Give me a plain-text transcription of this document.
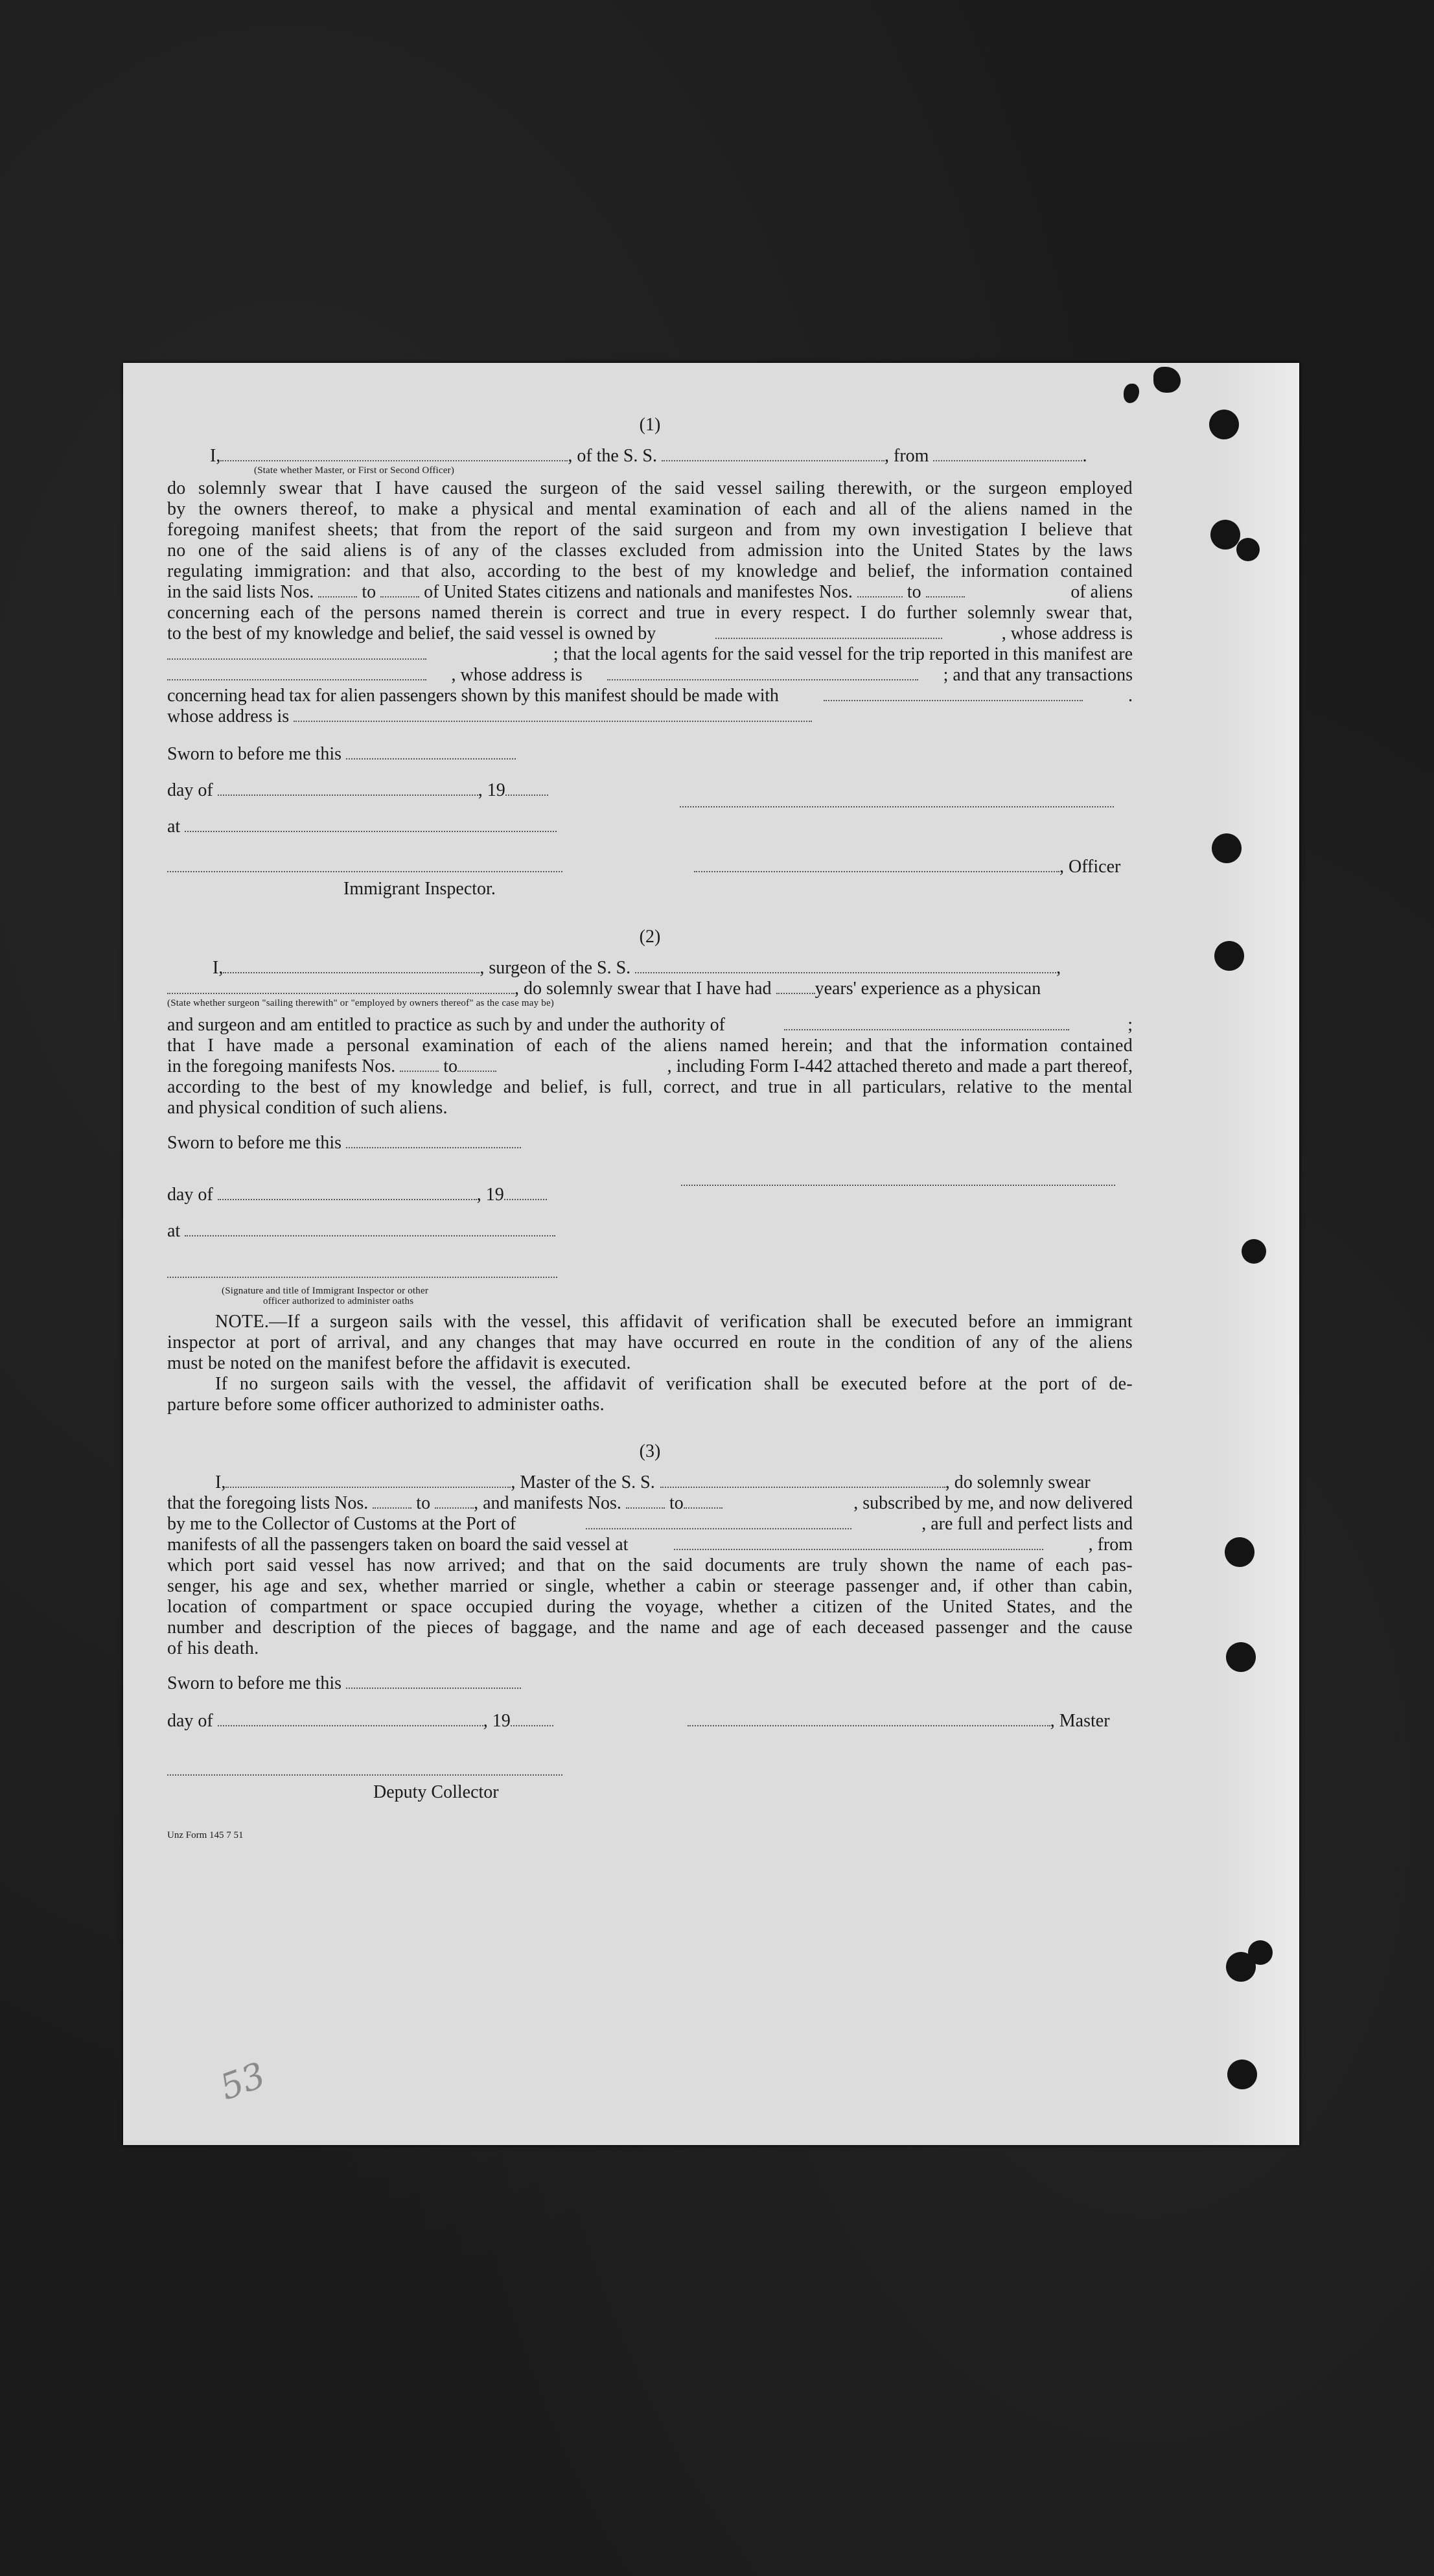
(1)
I,	, of the S. S.	, from	.
(State whether Master, or First or Second Officer)
do solemnly swear that I have caused the surgeon of the said vessel sailing therewith, or the surgeon employed
by the owners thereof, to make a physical and mental examination of each and all of the aliens named in the
foregoing manifest sheets; that from the report of the said surgeon and from my own investigation I believe that
no one of the said aliens is of any of the classes excluded from admission into the United States by the laws
regulating immigration: and that also, according to the best of my knowledge and belief, the information contained
in the said lists Nos.	to	of United States citizens and nationals and manifestes Nos.	to	of aliens
concerning each of the persons named therein is correct and true in every respect. I do further solemnly swear that,
to the best of my knowledge and belief, the said vessel is owned by	, whose address is
; that the local agents for the said vessel for the trip reported in this manifest are
, whose address is	; and that any transactions
concerning head tax for alien passengers shown by this manifest should be made with	.
whose address is
Sworn to before me this
day of	, 19
at
, Officer
Immigrant Inspector.
(2)
I,	, surgeon of the S. S.	,
, do solemnly swear that I have had years' experience as a physican
(State whether surgeon "sailing therewith" or "employed by owners thereof" as the case may be)
and surgeon and am entitled to practice as such by and under the authority of	;
that I have made a personal examination of each of the aliens named herein; and that the information contained
in the foregoing manifests Nos.	to	, including Form I-442 attached thereto and made a part thereof,
according to the best of my knowledge and belief, is full, correct, and true in all particulars, relative to the mental
and physical condition of such aliens.
Sworn to before me this
day of	, 19
at
(Signature and title of Immigrant Inspector or other
officer authorized to administer oaths
NOTE.—If a surgeon sails with the vessel, this affidavit of verification shall be executed before an immigrant
inspector at port of arrival, and any changes that may have occurred en route in the condition of any of the aliens
must be noted on the manifest before the affidavit is executed.
If no surgeon sails with the vessel, the affidavit of verification shall be executed before at the port of de-
parture before some officer authorized to administer oaths.
(3)
I,	, Master of the S. S.	, do solemnly swear
that the foregoing lists Nos.	to , and manifests Nos.	to	, subscribed by me, and now delivered
by me to the Collector of Customs at the Port of	, are full and perfect lists and
manifests of all the passengers taken on board the said vessel at	, from
which port said vessel has now arrived; and that on the said documents are truly shown the name of each pas-
senger, his age and sex, whether married or single, whether a cabin or steerage passenger and, if other than cabin,
location of compartment or space occupied during the voyage, whether a citizen of the United States, and the
number and description of the pieces of baggage, and the name and age of each deceased passenger and the cause
of his death.
Sworn to before me this
day of	, 19	, Master
Deputy Collector
Unz Form 145 7 51
53
